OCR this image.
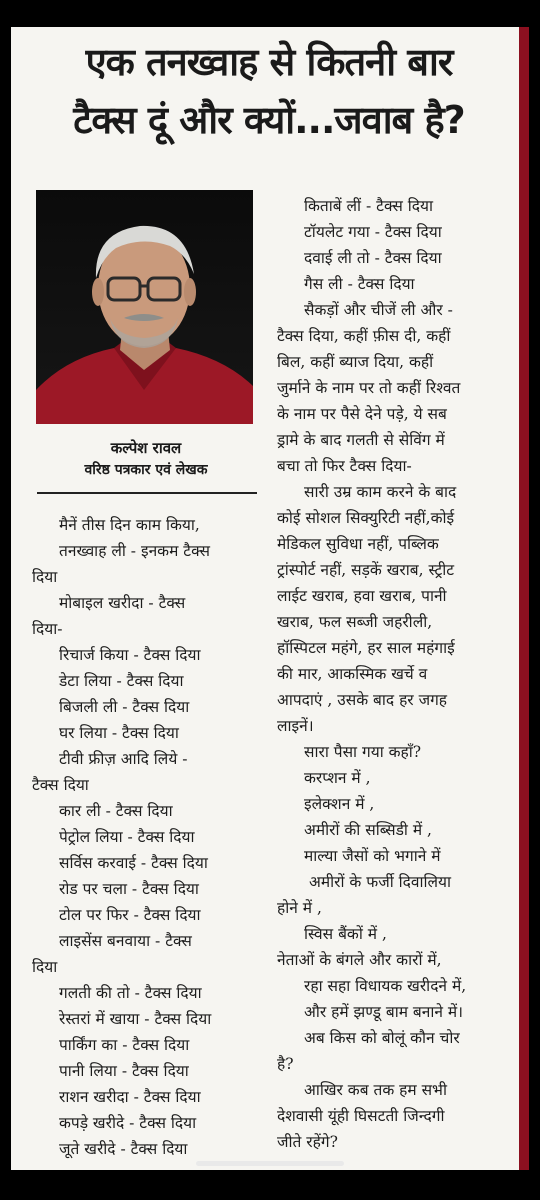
एक तनख्वाह से कितनी बार
टैक्स दूं और क्यों...जवाब है?
कल्पेश रावल
वरिष्ठ पत्रकार एवं लेखक
मैनें तीस दिन काम किया,
तनख्वाह ली - इनकम टैक्स
दिया
मोबाइल खरीदा - टैक्स
दिया-
रिचार्ज किया - टैक्स दिया
डेटा लिया - टैक्स दिया
बिजली ली - टैक्स दिया
घर लिया - टैक्स दिया
टीवी फ्रीज़ आदि लिये -
टैक्स दिया
कार ली - टैक्स दिया
पेट्रोल लिया - टैक्स दिया
सर्विस करवाई - टैक्स दिया
रोड पर चला - टैक्स दिया
टोल पर फिर - टैक्स दिया
लाइसेंस बनवाया - टैक्स
दिया
गलती की तो - टैक्स दिया
रेस्तरां में खाया - टैक्स दिया
पार्किंग का - टैक्स दिया
पानी लिया - टैक्स दिया
राशन खरीदा - टैक्स दिया
कपड़े खरीदे - टैक्स दिया
जूते खरीदे - टैक्स दिया
किताबें लीं - टैक्स दिया
टॉयलेट गया - टैक्स दिया
दवाई ली तो - टैक्स दिया
गैस ली - टैक्स दिया
सैकड़ों और चीजें ली और -
टैक्स दिया, कहीं फ़ीस दी, कहीं
बिल, कहीं ब्याज दिया, कहीं
जुर्माने के नाम पर तो कहीं रिश्वत
के नाम पर पैसे देने पड़े, ये सब
ड्रामे के बाद गलती से सेविंग में
बचा तो फिर टैक्स दिया-
सारी उम्र काम करने के बाद
कोई सोशल सिक्युरिटी नहीं,कोई
मेडिकल सुविधा नहीं, पब्लिक
ट्रांस्पोर्ट नहीं, सड़कें खराब, स्ट्रीट
लाईट खराब, हवा खराब, पानी
खराब, फल सब्जी जहरीली,
हॉस्पिटल महंगे, हर साल महंगाई
की मार, आकस्मिक खर्चे व
आपदाएं , उसके बाद हर जगह
लाइनें।
सारा पैसा गया कहाँ?
करप्शन में ,
इलेक्शन में ,
अमीरों की सब्सिडी में ,
माल्या जैसों को भगाने में
अमीरों के फर्जी दिवालिया
होने में ,
स्विस बैंकों में ,
नेताओं के बंगले और कारों में,
रहा सहा विधायक खरीदने में,
और हमें झण्डू बाम बनाने में।
अब किस को बोलूं कौन चोर
है?
आखिर कब तक हम सभी
देशवासी यूंही घिसटती जिन्दगी
जीते रहेंगे?
